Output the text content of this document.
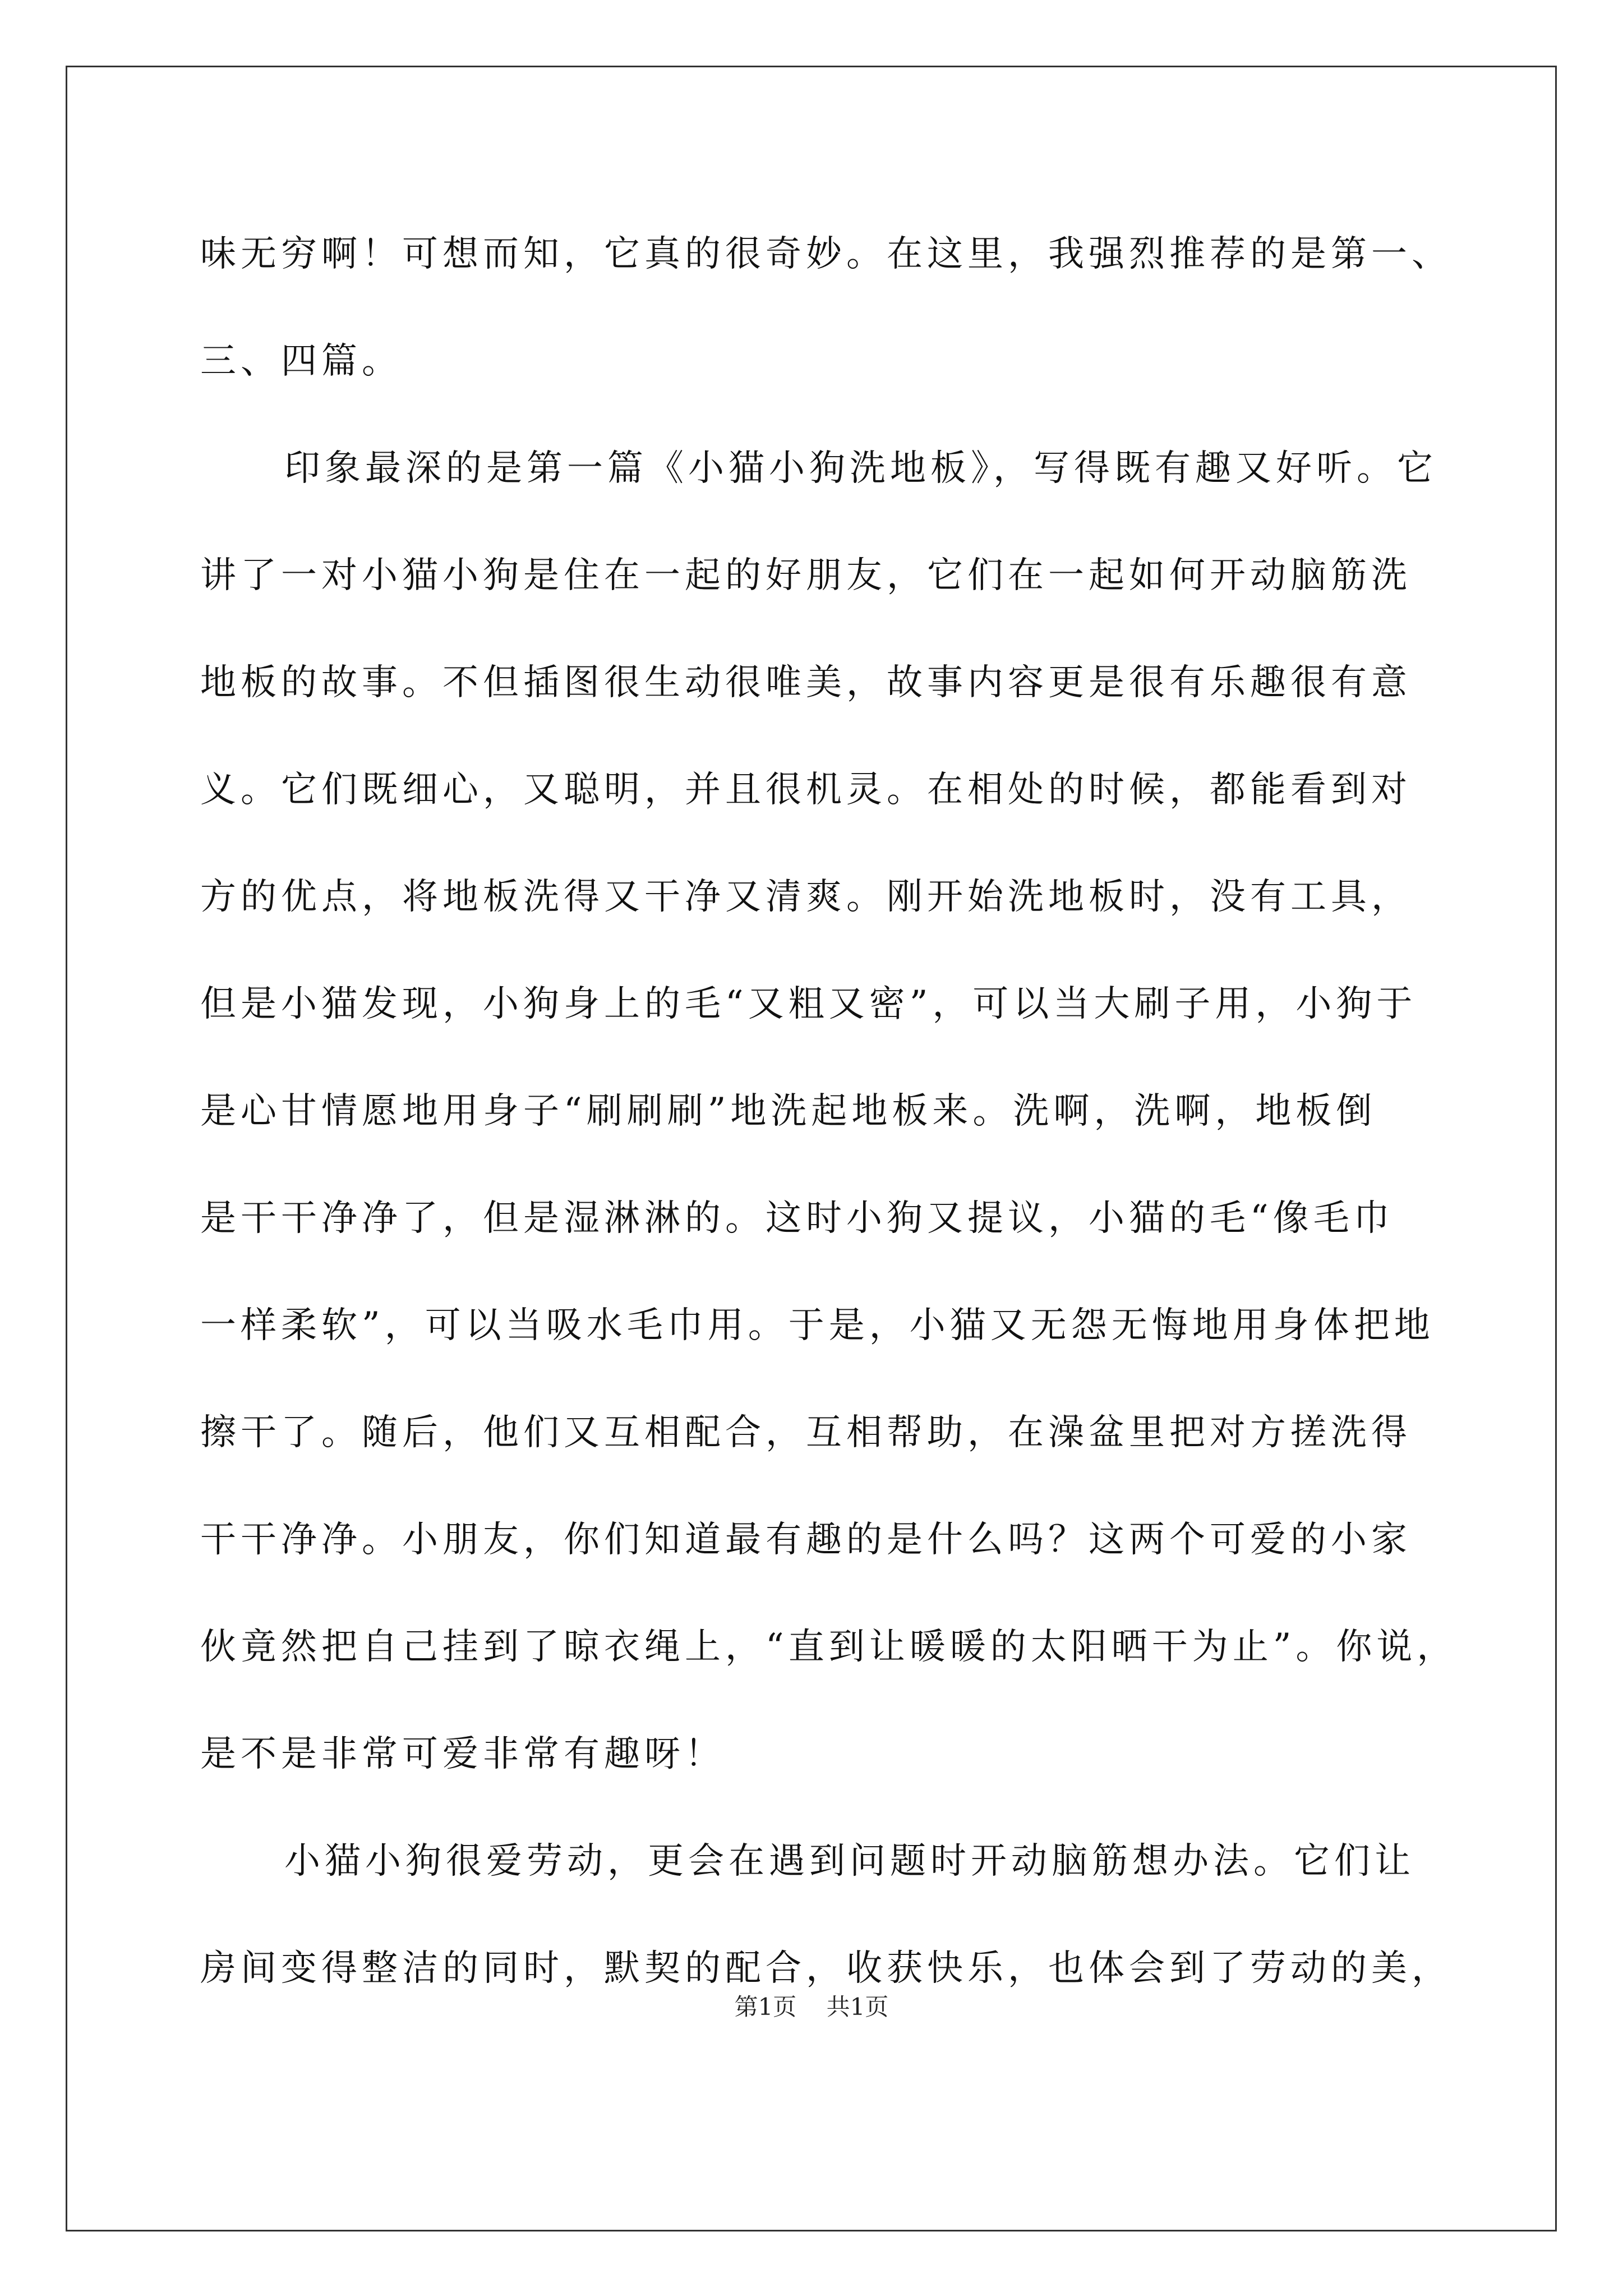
味无穷啊！可想而知，它真的很奇妙。在这里，我强烈推荐的是第一、
三、四篇。
印象最深的是第一篇《小猫小狗洗地板》，写得既有趣又好听。它
讲了一对小猫小狗是住在一起的好朋友，它们在一起如何开动脑筋洗
地板的故事。不但插图很生动很唯美，故事内容更是很有乐趣很有意
义。它们既细心，又聪明，并且很机灵。在相处的时候，都能看到对
方的优点，将地板洗得又干净又清爽。刚开始洗地板时，没有工具，
但是小猫发现，小狗身上的毛“又粗又密”，可以当大刷子用，小狗于
是心甘情愿地用身子“刷刷刷”地洗起地板来。洗啊，洗啊，地板倒
是干干净净了，但是湿淋淋的。这时小狗又提议，小猫的毛“像毛巾
一样柔软”，可以当吸水毛巾用。于是，小猫又无怨无悔地用身体把地
擦干了。随后，他们又互相配合，互相帮助，在澡盆里把对方搓洗得
干干净净。小朋友，你们知道最有趣的是什么吗？这两个可爱的小家
伙竟然把自己挂到了晾衣绳上，“直到让暖暖的太阳晒干为止”。你说，
是不是非常可爱非常有趣呀！
小猫小狗很爱劳动，更会在遇到问题时开动脑筋想办法。它们让
房间变得整洁的同时，默契的配合，收获快乐，也体会到了劳动的美，
第1页    共1页
